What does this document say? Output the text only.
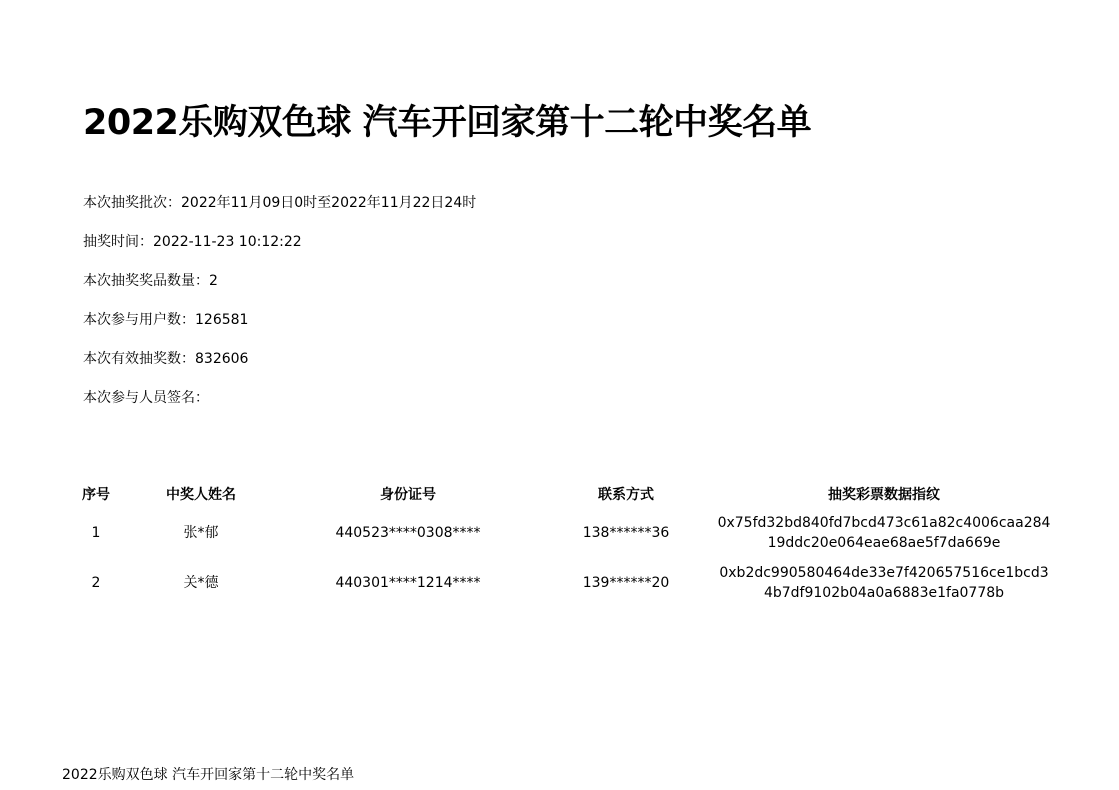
2022乐购双色球 汽车开回家第十二轮中奖名单
本次抽奖批次：2022年11月09日0时至2022年11月22日24时
抽奖时间：2022-11-23 10:12:22
本次抽奖奖品数量：2
本次参与用户数：126581
本次有效抽奖数：832606
本次参与人员签名：
序号	中奖人姓名	身份证号	联系方式	抽奖彩票数据指纹
1	张*郁	440523****0308****	138******36	0x75fd32bd840fd7bcd473c61a82c4006caa28419ddc20e064eae68ae5f7da669e
2	关*德	440301****1214****	139******20	0xb2dc990580464de33e7f420657516ce1bcd34b7df9102b04a0a6883e1fa0778b
2022乐购双色球 汽车开回家第十二轮中奖名单
